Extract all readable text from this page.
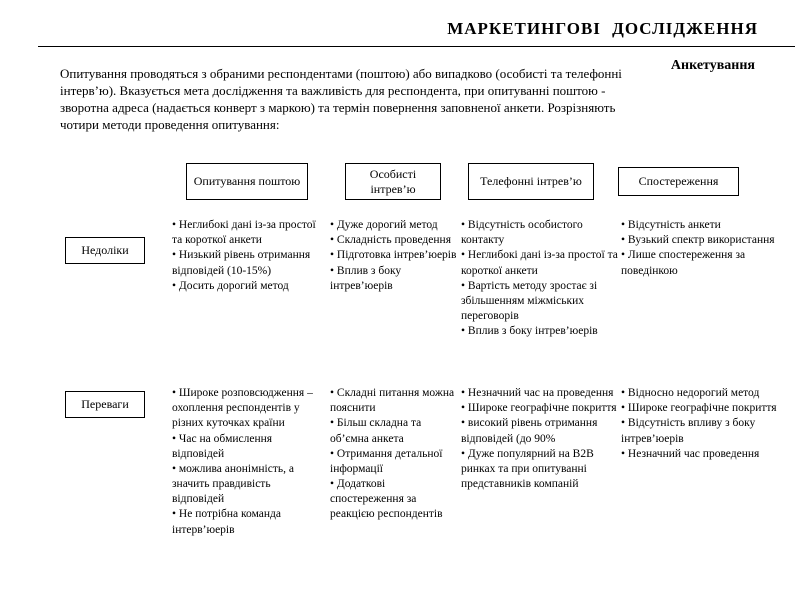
МАРКЕТИНГОВІ ДОСЛІДЖЕННЯ
Анкетування
Опитування проводяться з обраними респондентами (поштою) або випадково (особисті та телефонні інтерв’ю). Вказується мета дослідження та важливість для респондента, при опитуванні поштою - зворотна адреса (надається конверт з маркою) та термін повернення заповненої анкети. Розрізняють чотири методи проведення опитування:
Опитування поштою
Особисті інтрев’ю
Телефонні інтрев’ю	Спостереження
Недоліки
Переваги
• Неглибокі дані із-за простої та короткої анкети
• Низький рівень отримання відповідей (10-15%)
• Досить дорогий метод
• Дуже дорогий метод
• Складність проведення
• Підготовка інтрев’юерів
• Вплив з боку інтрев’юерів
• Відсутність особистого контакту
• Неглибокі дані із-за простої та короткої анкети
• Вартість методу зростає зі збільшенням міжміських переговорів
• Вплив з боку інтрев’юерів
• Відсутність анкети
• Вузький спектр використання
• Лише спостереження за поведінкою
• Широке розповсюдження – охоплення респондентів у різних куточках країни
• Час на обмислення відповідей
• можлива анонімність, а значить правдивість відповідей
• Не потрібна команда інтерв’юерів
• Складні питання можна пояснити
• Більш складна та об’ємна анкета
• Отримання детальної інформації
• Додаткові спостереження за реакцією респондентів
• Незначний час на проведення
• Широке географічне покриття
• високий рівень отримання відповідей (до 90%
• Дуже популярний на B2B ринках та при опитуванні представників компаній
• Відносно недорогий метод
• Широке географічне покриття
• Відсутність впливу з боку інтрев’юерів
• Незначний час проведення
